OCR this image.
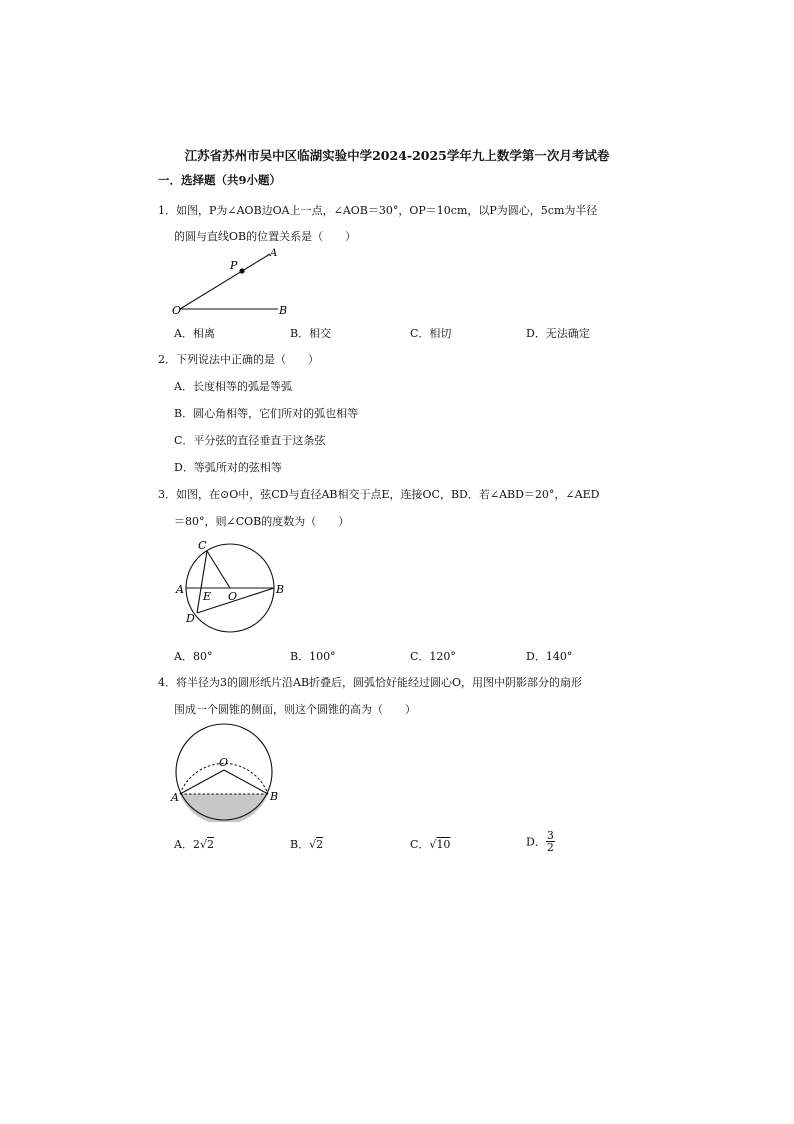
江苏省苏州市吴中区临湖实验中学2024-2025学年九上数学第一次月考试卷
一．选择题（共9小题）
1．如图，P为∠AOB边OA上一点，∠AOB＝30°，OP＝10cm，以P为圆心，5cm为半径
的圆与直线OB的位置关系是（　　）
O
A
P
B
A．相离	B．相交	C．相切	D．无法确定
2．下列说法中正确的是（　　）
A．长度相等的弧是等弧
B．圆心角相等，它们所对的弧也相等
C．平分弦的直径垂直于这条弦
D．等弧所对的弦相等
3．如图，在⊙O中，弦CD与直径AB相交于点E，连接OC，BD．若∠ABD＝20°，∠AED
＝80°，则∠COB的度数为（　　）
C
A
E O
B
D
A．80°	B．100°	C．120°	D．140°
4．将半径为3的圆形纸片沿AB折叠后，圆弧恰好能经过圆心O，用图中阴影部分的扇形
围成一个圆锥的侧面，则这个圆锥的高为（　　）
O
A	B
A．2√2	B．√2	C．√10	D． $\frac{3}{2}$
